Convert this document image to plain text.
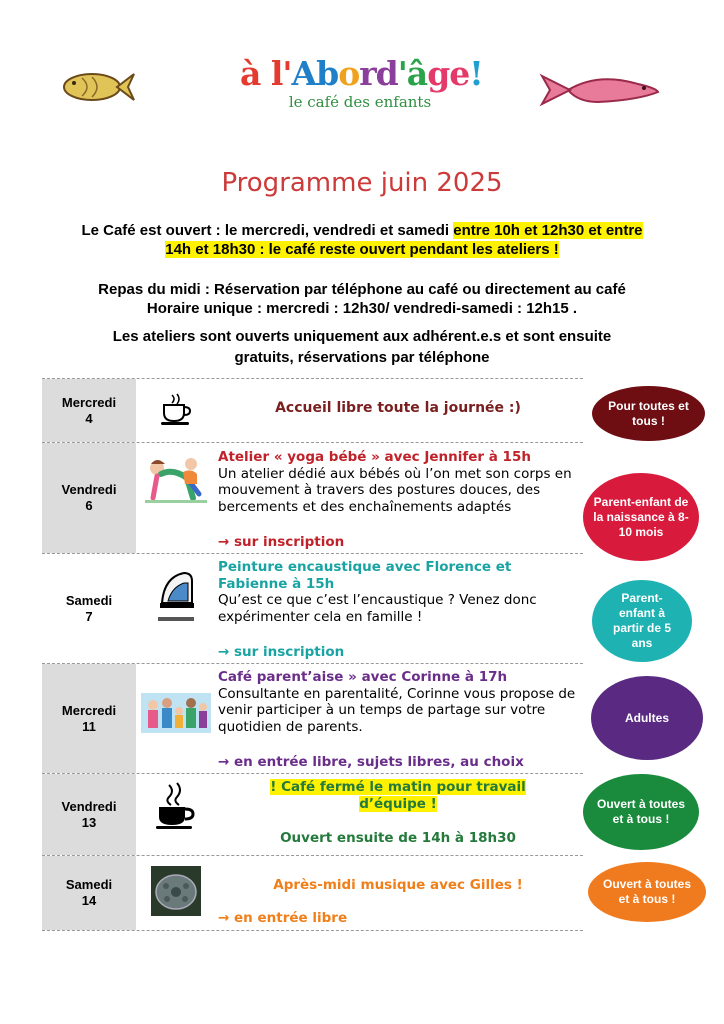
à l'Abord'âge!
le café des enfants
Programme juin 2025
Le Café est ouvert : le mercredi, vendredi et samedi entre 10h et 12h30 et entre
14h et 18h30 : le café reste ouvert pendant les ateliers !
Repas du midi : Réservation par téléphone au café ou directement au café
Horaire unique : mercredi : 12h30/ vendredi-samedi : 12h15 .
Les ateliers sont ouverts uniquement aux adhérent.e.s et sont ensuite
gratuits, réservations par téléphone
Mercredi
4
Accueil libre toute la journée :)	Pour toutes et tous !
Vendredi
6
Atelier « yoga bébé » avec Jennifer à 15h
Un atelier dédié aux bébés où l’on met son corps en mouvement à travers des postures douces, des bercements et des enchaînements adaptés
→ sur inscription
Parent-enfant de la naissance à 8-10 mois
Samedi
7
Peinture encaustique avec Florence et Fabienne à 15h
Qu’est ce que c’est l’encaustique ? Venez donc expérimenter cela en famille !
→ sur inscription
Parent-enfant à partir de 5 ans
Mercredi
11
Café parent’aise » avec Corinne à 17h
Consultante en parentalité, Corinne vous propose de venir participer à un temps de partage sur votre quotidien de parents.
→ en entrée libre, sujets libres, au choix
Adultes
Vendredi
13
! Café fermé le matin pour travail
d’équipe !
Ouvert ensuite de 14h à 18h30
Ouvert à toutes et à tous !
Samedi
14
Après-midi musique avec Gilles !
→ en entrée libre
Ouvert à toutes et à tous !
